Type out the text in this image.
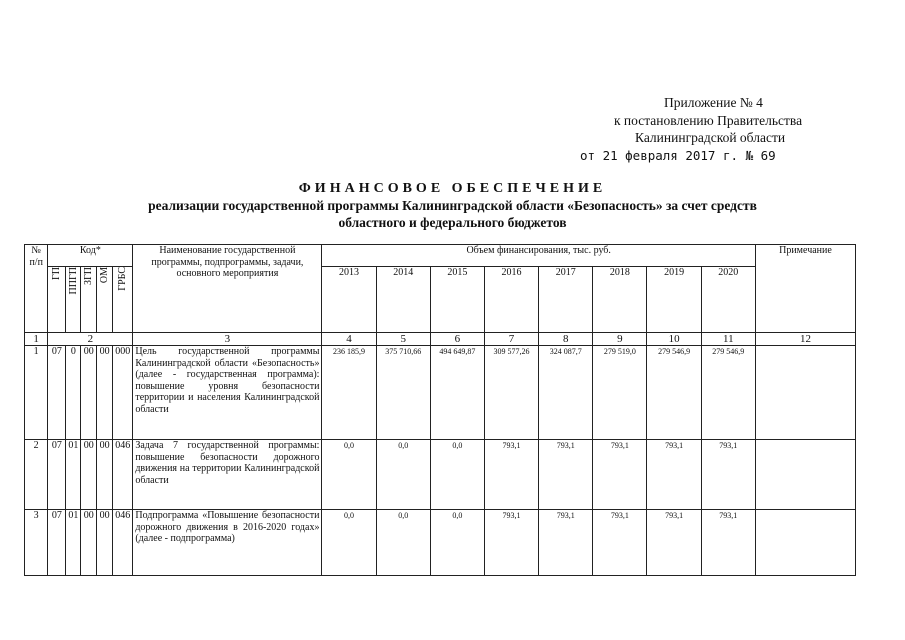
Приложение № 4
к постановлению Правительства
Калининградской области
от 21 февраля 2017 г. № 69
ФИНАНСОВОЕ ОБЕСПЕЧЕНИЕ
реализации государственной программы Калининградской области «Безопасность» за счет средств
областного и федерального бюджетов
№ п/п	Код*					Наименование государственной программы, подпрограммы, задачи, основного мероприятия	Объем финансирования, тыс. руб.								Примечание
	ГП	ППГП	ЗГП	ОМ	ГРБС		2013	2014	2015	2016	2017	2018	2019	2020	
1	2					3	4	5	6	7	8	9	10	11	12
1	07	0	00	00	000	Цель государственной программы Калининградской области «Безопасность» (далее - государственная программа): повышение уровня безопасности территории и населения Калининградской области	236 185,9	375 710,66	494 649,87	309 577,26	324 087,7	279 519,0	279 546,9	279 546,9	
2	07	01	00	00	046	Задача 7 государственной программы: повышение безопасности дорожного движения на территории Калининградской области	0,0	0,0	0,0	793,1	793,1	793,1	793,1	793,1	
3	07	01	00	00	046	Подпрограмма «Повышение безопасности дорожного движения в 2016-2020 годах» (далее - подпрограмма)	0,0	0,0	0,0	793,1	793,1	793,1	793,1	793,1	
